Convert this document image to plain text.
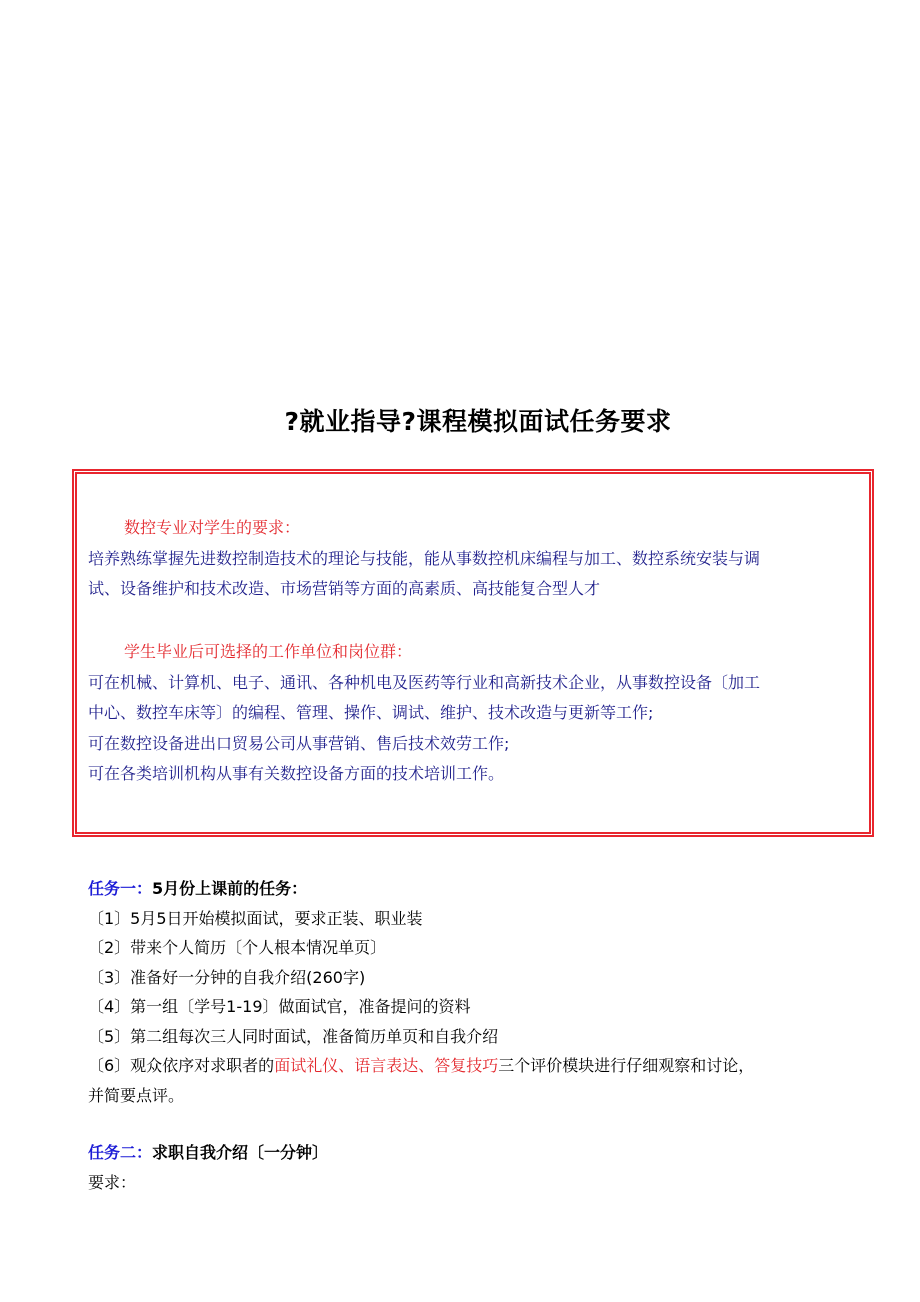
?就业指导?课程模拟面试任务要求
数控专业对学生的要求：
培养熟练掌握先进数控制造技术的理论与技能，能从事数控机床编程与加工、数控系统安装与调
试、设备维护和技术改造、市场营销等方面的高素质、高技能复合型人才
学生毕业后可选择的工作单位和岗位群：
可在机械、计算机、电子、通讯、各种机电及医药等行业和高新技术企业，从事数控设备〔加工
中心、数控车床等〕的编程、管理、操作、调试、维护、技术改造与更新等工作;
可在数控设备进出口贸易公司从事营销、售后技术效劳工作;
可在各类培训机构从事有关数控设备方面的技术培训工作。
任务一：5月份上课前的任务：
〔1〕5月5日开始模拟面试，要求正装、职业装
〔2〕带来个人简历〔个人根本情况单页〕
〔3〕准备好一分钟的自我介绍(260字)
〔4〕第一组〔学号1-19〕做面试官，准备提问的资料
〔5〕第二组每次三人同时面试，准备简历单页和自我介绍
〔6〕观众依序对求职者的面试礼仪、语言表达、答复技巧三个评价模块进行仔细观察和讨论，
并简要点评。
任务二：求职自我介绍〔一分钟〕
要求：
